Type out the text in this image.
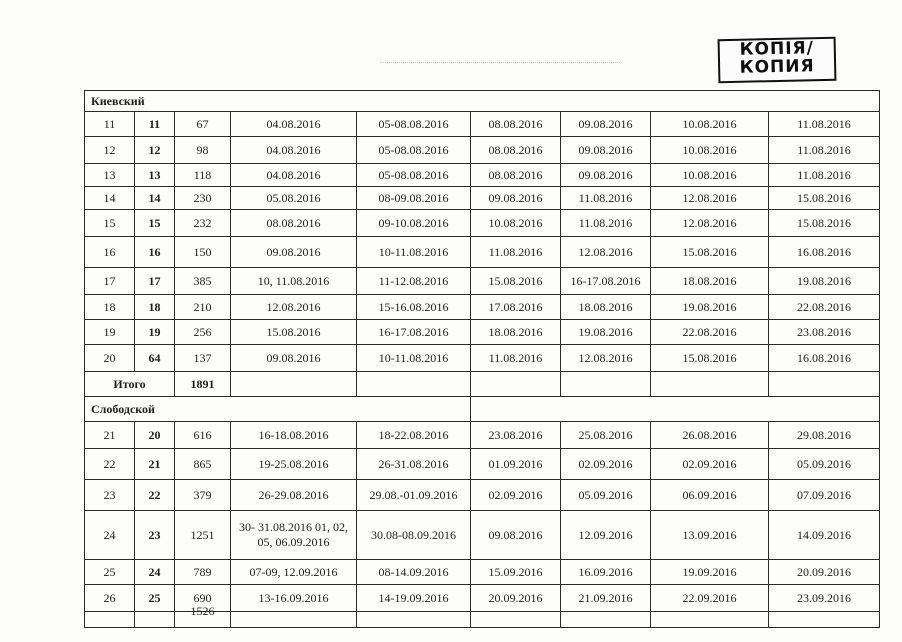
КОПІЯ/
КОПИЯ
Киевский								
11	11	67	04.08.2016	05-08.08.2016	08.08.2016	09.08.2016	10.08.2016	11.08.2016
12	12	98	04.08.2016	05-08.08.2016	08.08.2016	09.08.2016	10.08.2016	11.08.2016
13	13	118	04.08.2016	05-08.08.2016	08.08.2016	09.08.2016	10.08.2016	11.08.2016
14	14	230	05.08.2016	08-09.08.2016	09.08.2016	11.08.2016	12.08.2016	15.08.2016
15	15	232	08.08.2016	09-10.08.2016	10.08.2016	11.08.2016	12.08.2016	15.08.2016
16	16	150	09.08.2016	10-11.08.2016	11.08.2016	12.08.2016	15.08.2016	16.08.2016
17	17	385	10, 11.08.2016	11-12.08.2016	15.08.2016	16-17.08.2016	18.08.2016	19.08.2016
18	18	210	12.08.2016	15-16.08.2016	17.08.2016	18.08.2016	19.08.2016	22.08.2016
19	19	256	15.08.2016	16-17.08.2016	18.08.2016	19.08.2016	22.08.2016	23.08.2016
20	64	137	09.08.2016	10-11.08.2016	11.08.2016	12.08.2016	15.08.2016	16.08.2016
Итого		1891						
Слободской								
21	20	616	16-18.08.2016	18-22.08.2016	23.08.2016	25.08.2016	26.08.2016	29.08.2016
22	21	865	19-25.08.2016	26-31.08.2016	01.09.2016	02.09.2016	02.09.2016	05.09.2016
23	22	379	26-29.08.2016	29.08.-01.09.2016	02.09.2016	05.09.2016	06.09.2016	07.09.2016
24	23	1251	30- 31.08.2016 01, 02, 05, 06.09.2016	30.08-08.09.2016	09.08.2016	12.09.2016	13.09.2016	14.09.2016
25	24	789	07-09, 12.09.2016	08-14.09.2016	15.09.2016	16.09.2016	19.09.2016	20.09.2016
26	25	690	13-16.09.2016	14-19.09.2016	20.09.2016	21.09.2016	22.09.2016	23.09.2016
		1526						
